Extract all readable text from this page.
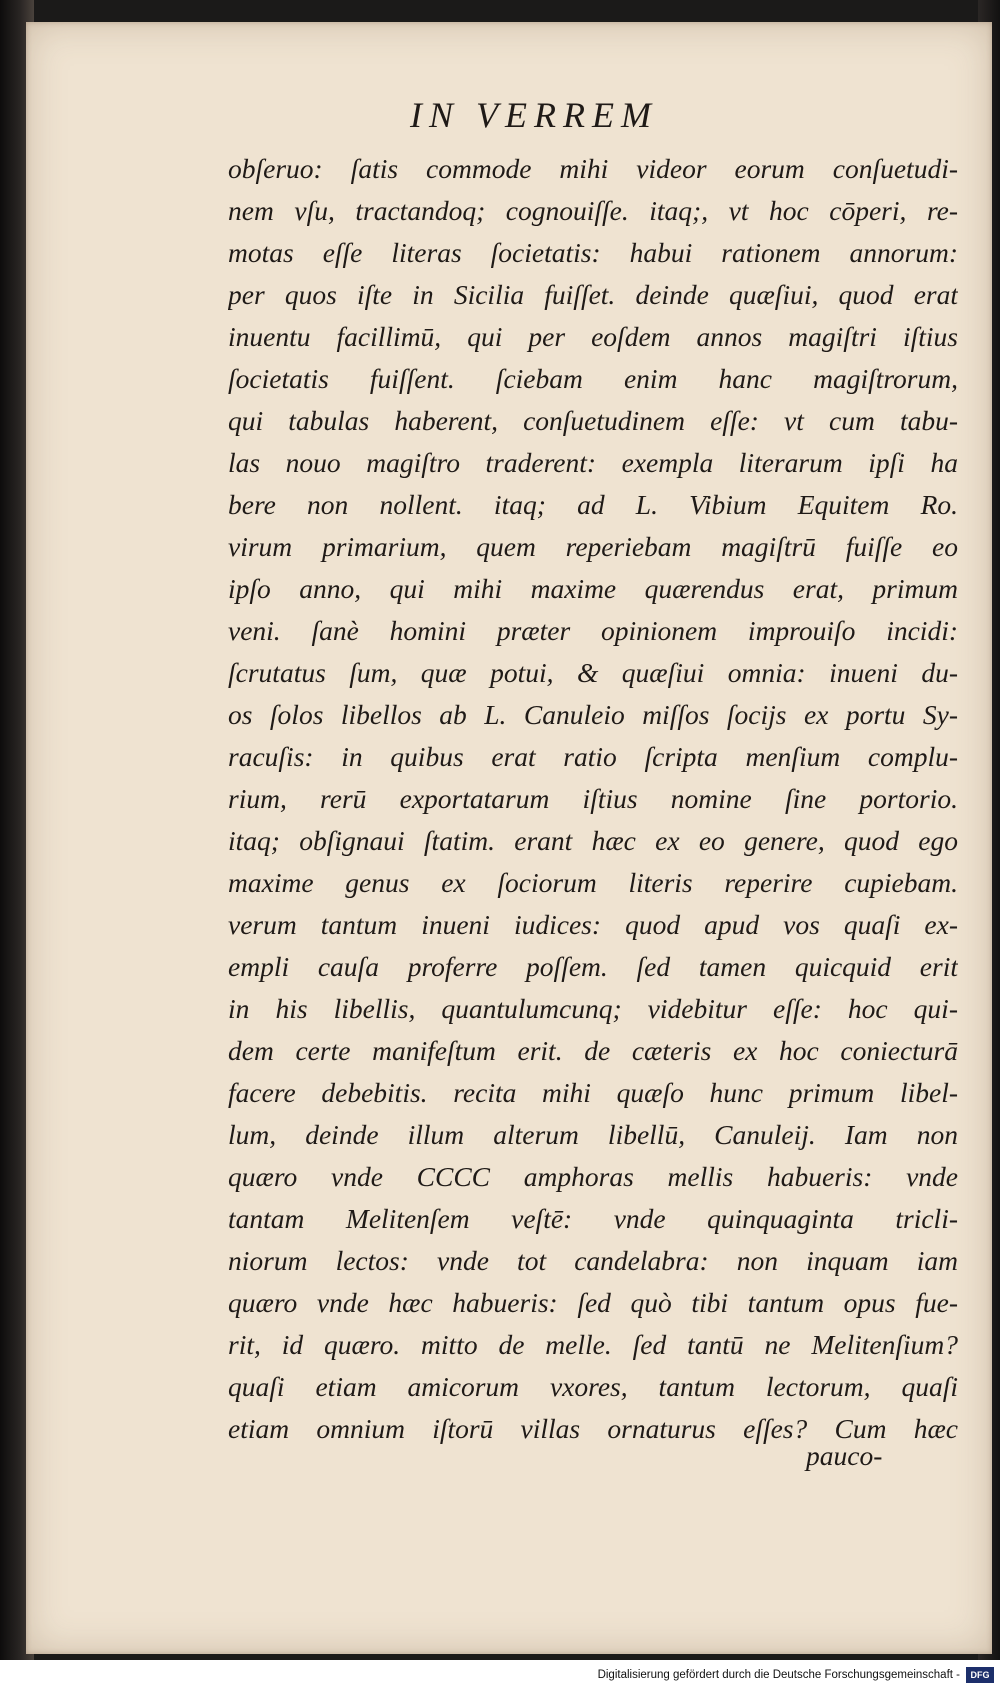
IN VERREM
obſeruo: ſatis commode mihi videor eorum conſuetudi-
nem vſu, tractandoq; cognouiſſe. itaq;, vt hoc cōperi, re-
motas eſſe literas ſocietatis: habui rationem annorum:
per quos iſte in Sicilia fuiſſet. deinde quæſiui, quod erat
inuentu facillimū, qui per eoſdem annos magiſtri iſtius
ſocietatis fuiſſent. ſciebam enim hanc magiſtrorum,
qui tabulas haberent, conſuetudinem eſſe: vt cum tabu-
las nouo magiſtro traderent: exempla literarum ipſi ha
bere non nollent. itaq; ad L. Vibium Equitem Ro.
virum primarium, quem reperiebam magiſtrū fuiſſe eo
ipſo anno, qui mihi maxime quærendus erat, primum
veni. ſanè homini præter opinionem improuiſo incidi:
ſcrutatus ſum, quæ potui, & quæſiui omnia: inueni du-
os ſolos libellos ab L. Canuleio miſſos ſocijs ex portu Sy-
racuſis: in quibus erat ratio ſcripta menſium complu-
rium, rerū exportatarum iſtius nomine ſine portorio.
itaq; obſignaui ſtatim. erant hæc ex eo genere, quod ego
maxime genus ex ſociorum literis reperire cupiebam.
verum tantum inueni iudices: quod apud vos quaſi ex-
empli cauſa proferre poſſem. ſed tamen quicquid erit
in his libellis, quantulumcunq; videbitur eſſe: hoc qui-
dem certe manifeſtum erit. de cæteris ex hoc coniecturā
facere debebitis. recita mihi quæſo hunc primum libel-
lum, deinde illum alterum libellū, Canuleij. Iam non
quæro vnde CCCC amphoras mellis habueris: vnde
tantam Melitenſem veſtē: vnde quinquaginta tricli-
niorum lectos: vnde tot candelabra: non inquam iam
quæro vnde hæc habueris: ſed quò tibi tantum opus fue-
rit, id quæro. mitto de melle. ſed tantū ne Melitenſium?
quaſi etiam amicorum vxores, tantum lectorum, quaſi
etiam omnium iſtorū villas ornaturus eſſes? Cum hæc
pauco-
Digitalisierung gefördert durch die Deutsche Forschungsgemeinschaft -	DFG
